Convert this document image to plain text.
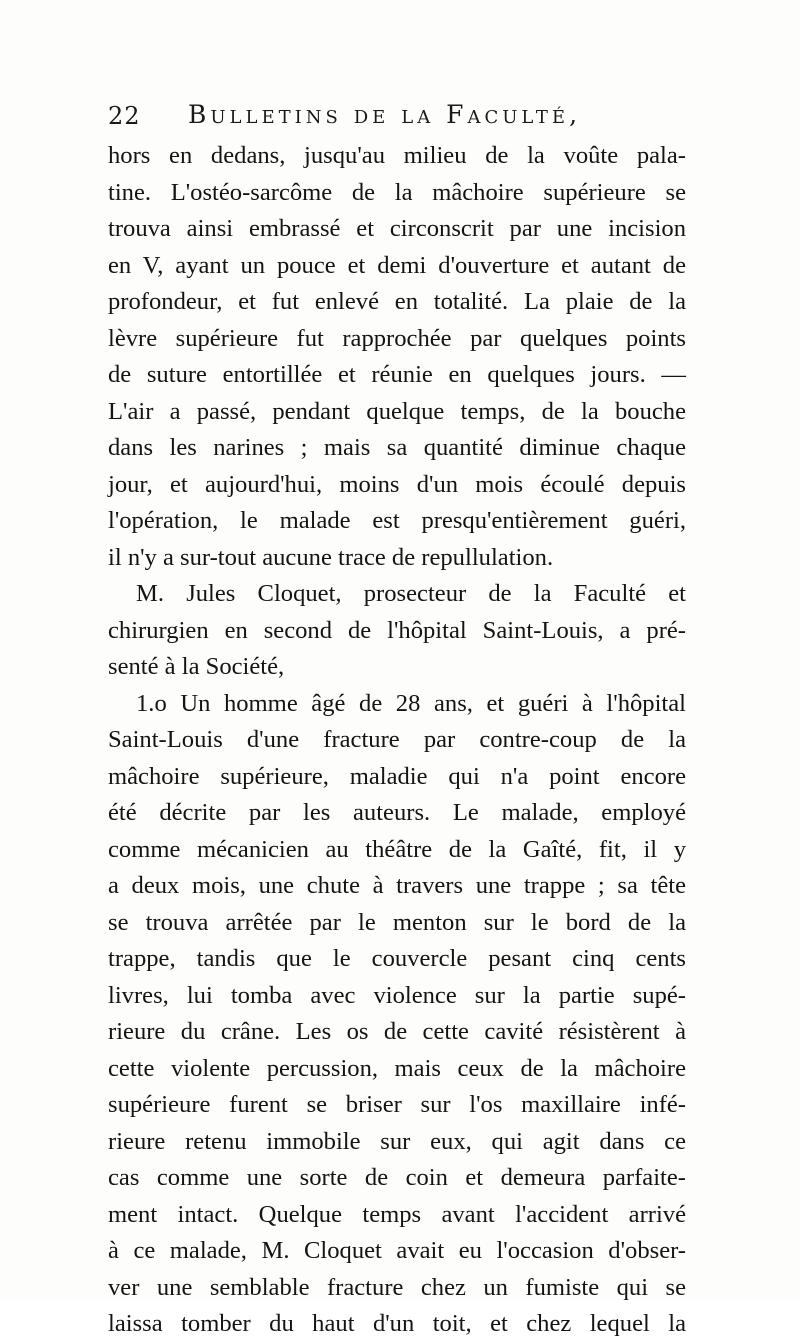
22 Bulletins de la Faculté,
hors en dedans, jusqu'au milieu de la voûte pala-
tine. L'ostéo-sarcôme de la mâchoire supérieure se
trouva ainsi embrassé et circonscrit par une incision
en V, ayant un pouce et demi d'ouverture et autant de
profondeur, et fut enlevé en totalité. La plaie de la
lèvre supérieure fut rapprochée par quelques points
de suture entortillée et réunie en quelques jours. —
L'air a passé, pendant quelque temps, de la bouche
dans les narines ; mais sa quantité diminue chaque
jour, et aujourd'hui, moins d'un mois écoulé depuis
l'opération, le malade est presqu'entièrement guéri,
il n'y a sur-tout aucune trace de repullulation.
M. Jules Cloquet, prosecteur de la Faculté et
chirurgien en second de l'hôpital Saint-Louis, a pré-
senté à la Société,
1.o Un homme âgé de 28 ans, et guéri à l'hôpital
Saint-Louis d'une fracture par contre-coup de la
mâchoire supérieure, maladie qui n'a point encore
été décrite par les auteurs. Le malade, employé
comme mécanicien au théâtre de la Gaîté, fit, il y
a deux mois, une chute à travers une trappe ; sa tête
se trouva arrêtée par le menton sur le bord de la
trappe, tandis que le couvercle pesant cinq cents
livres, lui tomba avec violence sur la partie supé-
rieure du crâne. Les os de cette cavité résistèrent à
cette violente percussion, mais ceux de la mâchoire
supérieure furent se briser sur l'os maxillaire infé-
rieure retenu immobile sur eux, qui agit dans ce
cas comme une sorte de coin et demeura parfaite-
ment intact. Quelque temps avant l'accident arrivé
à ce malade, M. Cloquet avait eu l'occasion d'obser-
ver une semblable fracture chez un fumiste qui se
laissa tomber du haut d'un toit, et chez lequel la
